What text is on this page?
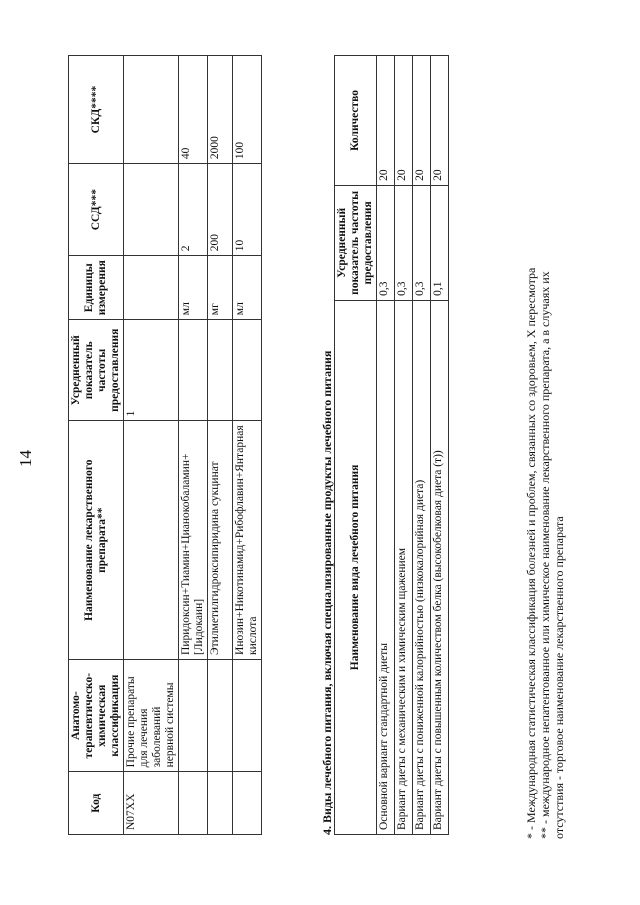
14
Код	Анатомо-терапевтическо-химическая классификация	Наименование лекарственного препарата**	Усредненный показатель частоты предоставления	Единицы измерения	ССД***	СКД****
N07XX	Прочие препараты для лечения заболеваний нервной системы		1			
		Пиридоксин+Тиамин+Цианокобаламин+[Лидокаин]		мл	2	40
		Этилметилгидроксипиридина сукцинат		мг	200	2000
		Инозин+Никотинамид+Рибофлавин+Янтарная кислота		мл	10	100
4. Виды лечебного питания, включая специализированные продукты лечебного питания Наименование вида лечебного питания	Усредненный показатель частоты предоставления	Количество
Основной вариант стандартной диеты	0,3	20
Вариант диеты с механическим и химическим щажением	0,3	20
Вариант диеты с пониженной калорийностью (низкокалорийная диета)	0,3	20
Вариант диеты с повышенным количеством белка (высокобелковая диета (т))	0,1	20
* - Международная статистическая классификация болезней и проблем, связанных со здоровьем, X пересмотра ** - международное непатентованное или химическое наименование лекарственного препарата, а в случаях их отсутствия - торговое наименование лекарственного препарата
